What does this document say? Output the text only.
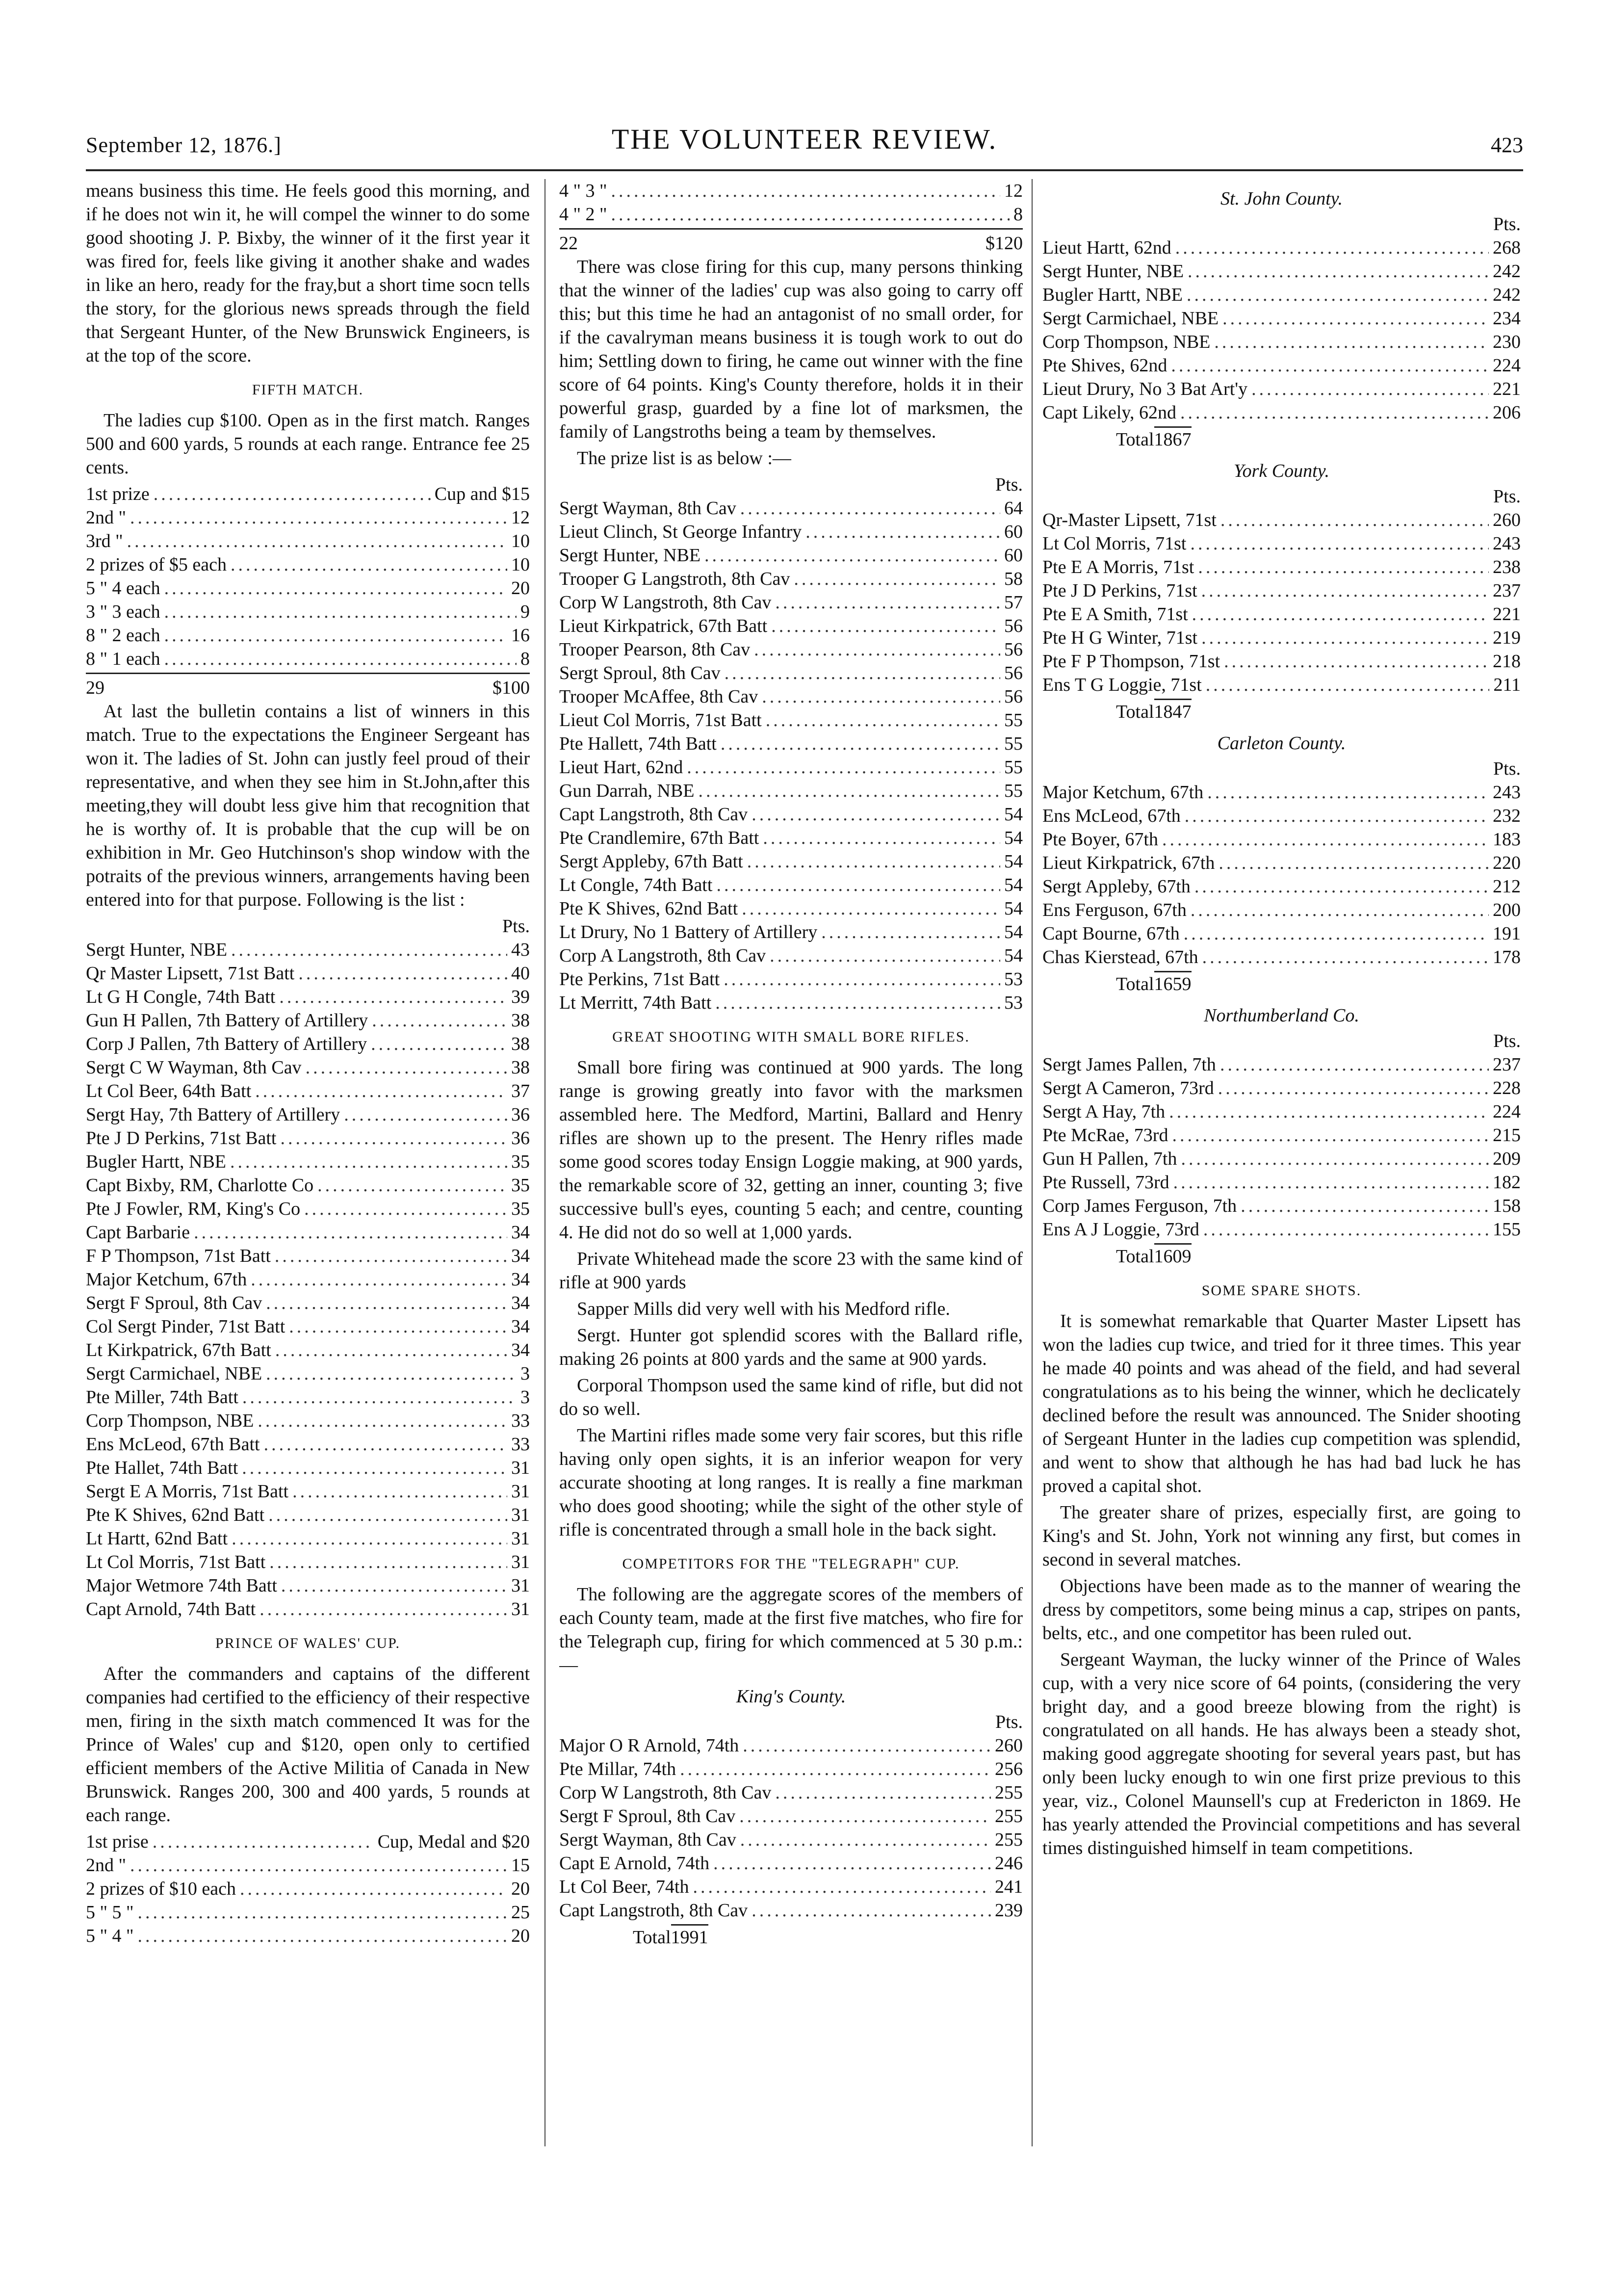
September 12, 1876.]	THE VOLUNTEER REVIEW.	423

means business this time. He feels good this morning, and if he does not win it, he will compel the winner to do some good shooting J. P. Bixby, the winner of it the first year it was fired for, feels like giving it another shake and wades in like an hero, ready for the fray,but a short time socn tells the story, for the glorious news spreads through the field that Sergeant Hunter, of the New Brunswick Engineers, is at the top of the score.

FIFTH MATCH.

The ladies cup $100. Open as in the first match. Ranges 500 and 600 yards, 5 rounds at each range. Entrance fee 25 cents.

1st prize .....	Cup and $15
2nd " .....	12
3rd " .....	10
2 prizes of $5 each .....	10
5 " 4 each .....	20
3 " 3 each .....	9
8 " 2 each .....	16
8 " 1 each .....	8
29	$100

At last the bulletin contains a list of winners in this match. True to the expectations the Engineer Sergeant has won it. The ladies of St. John can justly feel proud of their representative, and when they see him in St.John,after this meeting,they will doubt less give him that recognition that he is worthy of. It is probable that the cup will be on exhibition in Mr. Geo Hutchinson's shop window with the potraits of the previous winners, arrangements having been entered into for that purpose. Following is the list :

Pts.
Sergt Hunter, NBE .....	43
Qr Master Lipsett, 71st Batt .....	40
Lt G H Congle, 74th Batt .....	39
Gun H Pallen, 7th Battery of Artillery .....	38
Corp J Pallen, 7th Battery of Artillery .....	38
Sergt C W Wayman, 8th Cav .....	38
Lt Col Beer, 64th Batt .....	37
Sergt Hay, 7th Battery of Artillery .....	36
Pte J D Perkins, 71st Batt .....	36
Bugler Hartt, NBE .....	35
Capt Bixby, RM, Charlotte Co .....	35
Pte J Fowler, RM, King's Co .....	35
Capt Barbarie .....	34
F P Thompson, 71st Batt .....	34
Major Ketchum, 67th .....	34
Sergt F Sproul, 8th Cav .....	34
Col Sergt Pinder, 71st Batt .....	34
Lt Kirkpatrick, 67th Batt .....	34
Sergt Carmichael, NBE .....	3
Pte Miller, 74th Batt .....	3
Corp Thompson, NBE .....	33
Ens McLeod, 67th Batt .....	33
Pte Hallet, 74th Batt .....	31
Sergt E A Morris, 71st Batt .....	31
Pte K Shives, 62nd Batt .....	31
Lt Hartt, 62nd Batt .....	31
Lt Col Morris, 71st Batt .....	31
Major Wetmore 74th Batt .....	31
Capt Arnold, 74th Batt .....	31
PRINCE OF WALES' CUP.

After the commanders and captains of the different companies had certified to the efficiency of their respective men, firing in the sixth match commenced It was for the Prince of Wales' cup and $120, open only to certified efficient members of the Active Militia of Canada in New Brunswick. Ranges 200, 300 and 400 yards, 5 rounds at each range.

1st prise .....	Cup, Medal and $20
2nd " .....	15
2 prizes of $10 each .....	20
5 " 5 " .....	25
5 " 4 " .....	20
4 " 3 " .....	12
4 " 2 " .....	8
22	$120

There was close firing for this cup, many persons thinking that the winner of the ladies' cup was also going to carry off this; but this time he had an antagonist of no small order, for if the cavalryman means business it is tough work to out do him; Settling down to firing, he came out winner with the fine score of 64 points. King's County therefore, holds it in their powerful grasp, guarded by a fine lot of marksmen, the family of Langstroths being a team by themselves.

The prize list is as below :—

Pts.
Sergt Wayman, 8th Cav .....	64
Lieut Clinch, St George Infantry .....	60
Sergt Hunter, NBE .....	60
Trooper G Langstroth, 8th Cav .....	58
Corp W Langstroth, 8th Cav .....	57
Lieut Kirkpatrick, 67th Batt .....	56
Trooper Pearson, 8th Cav .....	56
Sergt Sproul, 8th Cav .....	56
Trooper McAffee, 8th Cav .....	56
Lieut Col Morris, 71st Batt .....	55
Pte Hallett, 74th Batt .....	55
Lieut Hart, 62nd .....	55
Gun Darrah, NBE .....	55
Capt Langstroth, 8th Cav .....	54
Pte Crandlemire, 67th Batt .....	54
Sergt Appleby, 67th Batt .....	54
Lt Congle, 74th Batt .....	54
Pte K Shives, 62nd Batt .....	54
Lt Drury, No 1 Battery of Artillery .....	54
Corp A Langstroth, 8th Cav .....	54
Pte Perkins, 71st Batt .....	53
Lt Merritt, 74th Batt .....	53
GREAT SHOOTING WITH SMALL BORE RIFLES.

Small bore firing was continued at 900 yards. The long range is growing greatly into favor with the marksmen assembled here. The Medford, Martini, Ballard and Henry rifles are shown up to the present. The Henry rifles made some good scores today Ensign Loggie making, at 900 yards, the remarkable score of 32, getting an inner, counting 3; five successive bull's eyes, counting 5 each; and centre, counting 4. He did not do so well at 1,000 yards.

Private Whitehead made the score 23 with the same kind of rifle at 900 yards

Sapper Mills did very well with his Medford rifle.

Sergt. Hunter got splendid scores with the Ballard rifle, making 26 points at 800 yards and the same at 900 yards.

Corporal Thompson used the same kind of rifle, but did not do so well.

The Martini rifles made some very fair scores, but this rifle having only open sights, it is an inferior weapon for very accurate shooting at long ranges. It is really a fine markman who does good shooting; while the sight of the other style of rifle is concentrated through a small hole in the back sight.

COMPETITORS FOR THE "TELEGRAPH" CUP.

The following are the aggregate scores of the members of each County team, made at the first five matches, who fire for the Telegraph cup, firing for which commenced at 5 30 p.m.:—

King's County.
Pts.
Major O R Arnold, 74th .....	260
Pte Millar, 74th .....	256
Corp W Langstroth, 8th Cav .....	255
Sergt F Sproul, 8th Cav .....	255
Sergt Wayman, 8th Cav .....	255
Capt E Arnold, 74th .....	246
Lt Col Beer, 74th .....	241
Capt Langstroth, 8th Cav .....	239
Total 1991
St. John County.
Pts.
Lieut Hartt, 62nd .....	268
Sergt Hunter, NBE .....	242
Bugler Hartt, NBE .....	242
Sergt Carmichael, NBE .....	234
Corp Thompson, NBE .....	230
Pte Shives, 62nd .....	224
Lieut Drury, No 3 Bat Art'y .....	221
Capt Likely, 62nd .....	206
Total 1867
York County.
Pts.
Qr-Master Lipsett, 71st .....	260
Lt Col Morris, 71st .....	243
Pte E A Morris, 71st .....	238
Pte J D Perkins, 71st .....	237
Pte E A Smith, 71st .....	221
Pte H G Winter, 71st .....	219
Pte F P Thompson, 71st .....	218
Ens T G Loggie, 71st .....	211
Total 1847
Carleton County.
Pts.
Major Ketchum, 67th .....	243
Ens McLeod, 67th .....	232
Pte Boyer, 67th .....	183
Lieut Kirkpatrick, 67th .....	220
Sergt Appleby, 67th .....	212
Ens Ferguson, 67th .....	200
Capt Bourne, 67th .....	191
Chas Kierstead, 67th .....	178
Total 1659
Northumberland Co.
Pts.
Sergt James Pallen, 7th .....	237
Sergt A Cameron, 73rd .....	228
Sergt A Hay, 7th .....	224
Pte McRae, 73rd .....	215
Gun H Pallen, 7th .....	209
Pte Russell, 73rd .....	182
Corp James Ferguson, 7th .....	158
Ens A J Loggie, 73rd .....	155
Total 1609
SOME SPARE SHOTS.

It is somewhat remarkable that Quarter Master Lipsett has won the ladies cup twice, and tried for it three times. This year he made 40 points and was ahead of the field, and had several congratulations as to his being the winner, which he declicately declined before the result was announced. The Snider shooting of Sergeant Hunter in the ladies cup competition was splendid, and went to show that although he has had bad luck he has proved a capital shot.

The greater share of prizes, especially first, are going to King's and St. John, York not winning any first, but comes in second in several matches.

Objections have been made as to the manner of wearing the dress by competitors, some being minus a cap, stripes on pants, belts, etc., and one competitor has been ruled out.

Sergeant Wayman, the lucky winner of the Prince of Wales cup, with a very nice score of 64 points, (considering the very bright day, and a good breeze blowing from the right) is congratulated on all hands. He has always been a steady shot, making good aggregate shooting for several years past, but has only been lucky enough to win one first prize previous to this year, viz., Colonel Maunsell's cup at Fredericton in 1869. He has yearly attended the Provincial competitions and has several times distinguished himself in team competitions.
